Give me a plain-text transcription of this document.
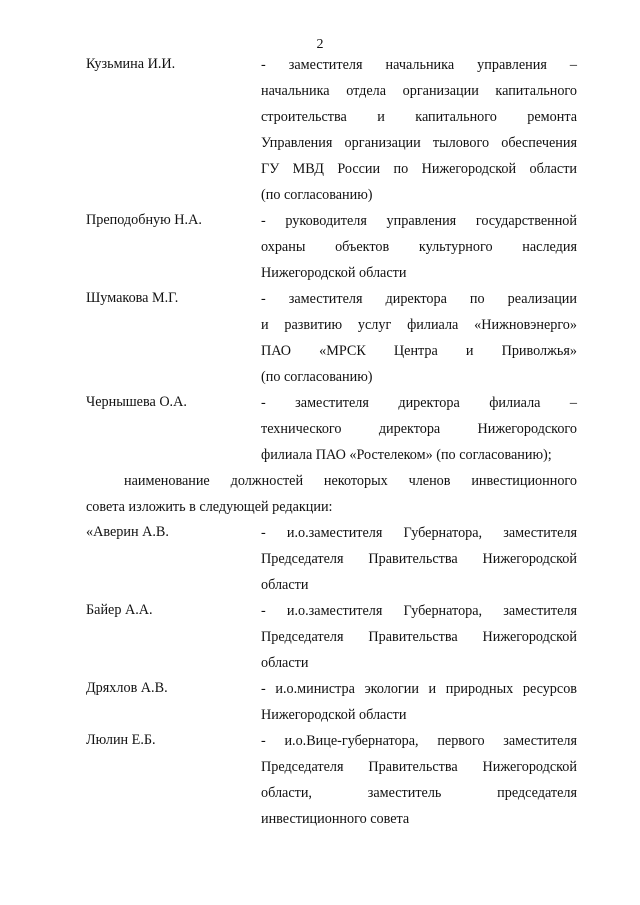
2
Кузьмина И.И.	- заместителя начальника управления –
начальника отдела организации капитального
строительства и капитального ремонта
Управления организации тылового обеспечения
ГУ МВД России по Нижегородской области
(по согласованию)
Преподобную Н.А.	- руководителя управления государственной
охраны объектов культурного наследия
Нижегородской области
Шумакова М.Г.	- заместителя директора по реализации
и развитию услуг филиала «Нижновэнерго»
ПАО «МРСК Центра и Приволжья»
(по согласованию)
Чернышева О.А.	- заместителя директора филиала –
технического директора Нижегородского
филиала ПАО «Ростелеком» (по согласованию);
наименование должностей некоторых членов инвестиционного
совета изложить в следующей редакции:
«Аверин А.В.	- и.о.заместителя Губернатора, заместителя
Председателя Правительства Нижегородской
области
Байер А.А.	- и.о.заместителя Губернатора, заместителя
Председателя Правительства Нижегородской
области
Дряхлов А.В.	- и.о.министра экологии и природных ресурсов
Нижегородской области
Люлин Е.Б.	- и.о.Вице-губернатора, первого заместителя
Председателя Правительства Нижегородской
области, заместитель председателя
инвестиционного совета
